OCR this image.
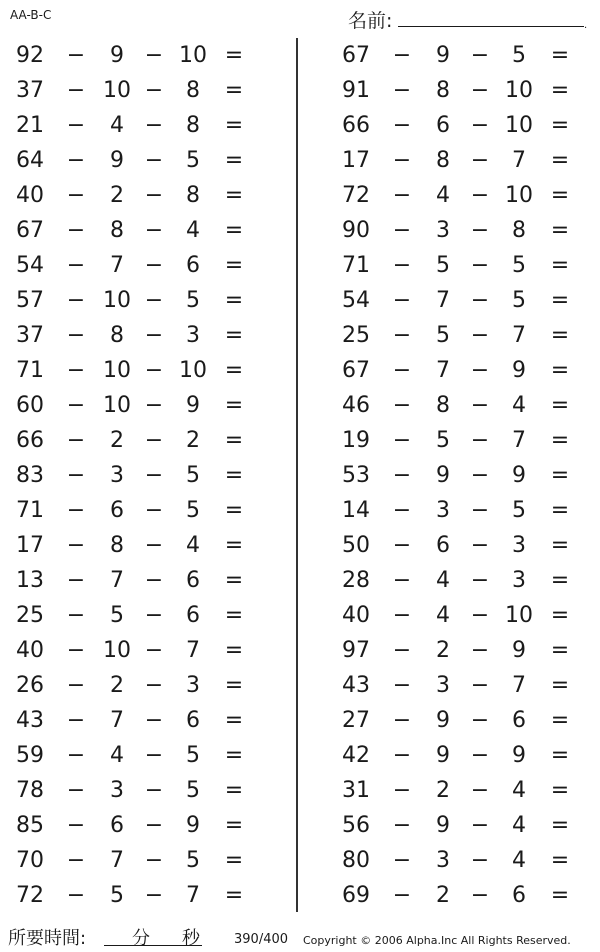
AA-B-C	名前:	.
92 −	9 − 10 =
37 − 10 −	8	=
21 −	4 −	8	=
64 −	9 −	5	=
40 −	2 −	8	=
67 −	8 −	4	=
54 −	7 −	6	=
57 − 10 −	5	=
37 −	8 −	3	=
71 − 10 − 10 =
60 − 10 −	9	=
66 −	2 −	2	=
83 −	3 −	5	=
71 −	6 −	5	=
17 −	8 −	4	=
13 −	7 −	6	=
25 −	5 −	6	=
40 − 10 −	7	=
26 −	2 −	3	=
43 −	7 −	6	=
59 −	4 −	5	=
78 −	3 −	5	=
85 −	6 −	9	=
70 −	7 −	5	=
72 −	5 −	7	=
67 −	9 −	5	=
91 −	8 − 10 =
66 −	6 − 10 =
17 −	8 −	7	=
72 −	4 − 10 =
90 −	3 −	8	=
71 −	5 −	5	=
54 −	7 −	5	=
25 −	5 −	7	=
67 −	7 −	9	=
46 −	8 −	4	=
19 −	5 −	7	=
53 −	9 −	9	=
14 −	3 −	5	=
50 −	6 −	3	=
28 −	4 −	3	=
40 −	4 − 10 =
97 −	2 −	9	=
43 −	3 −	7	=
27 −	9 −	6	=
42 −	9 −	9	=
31 −	2 −	4	=
56 −	9 −	4	=
80 −	3 −	4	=
69 −	2 −	6	=
所要時間:	分 秒	390/400 Copyright © 2006 Alpha.Inc All Rights Reserved.
